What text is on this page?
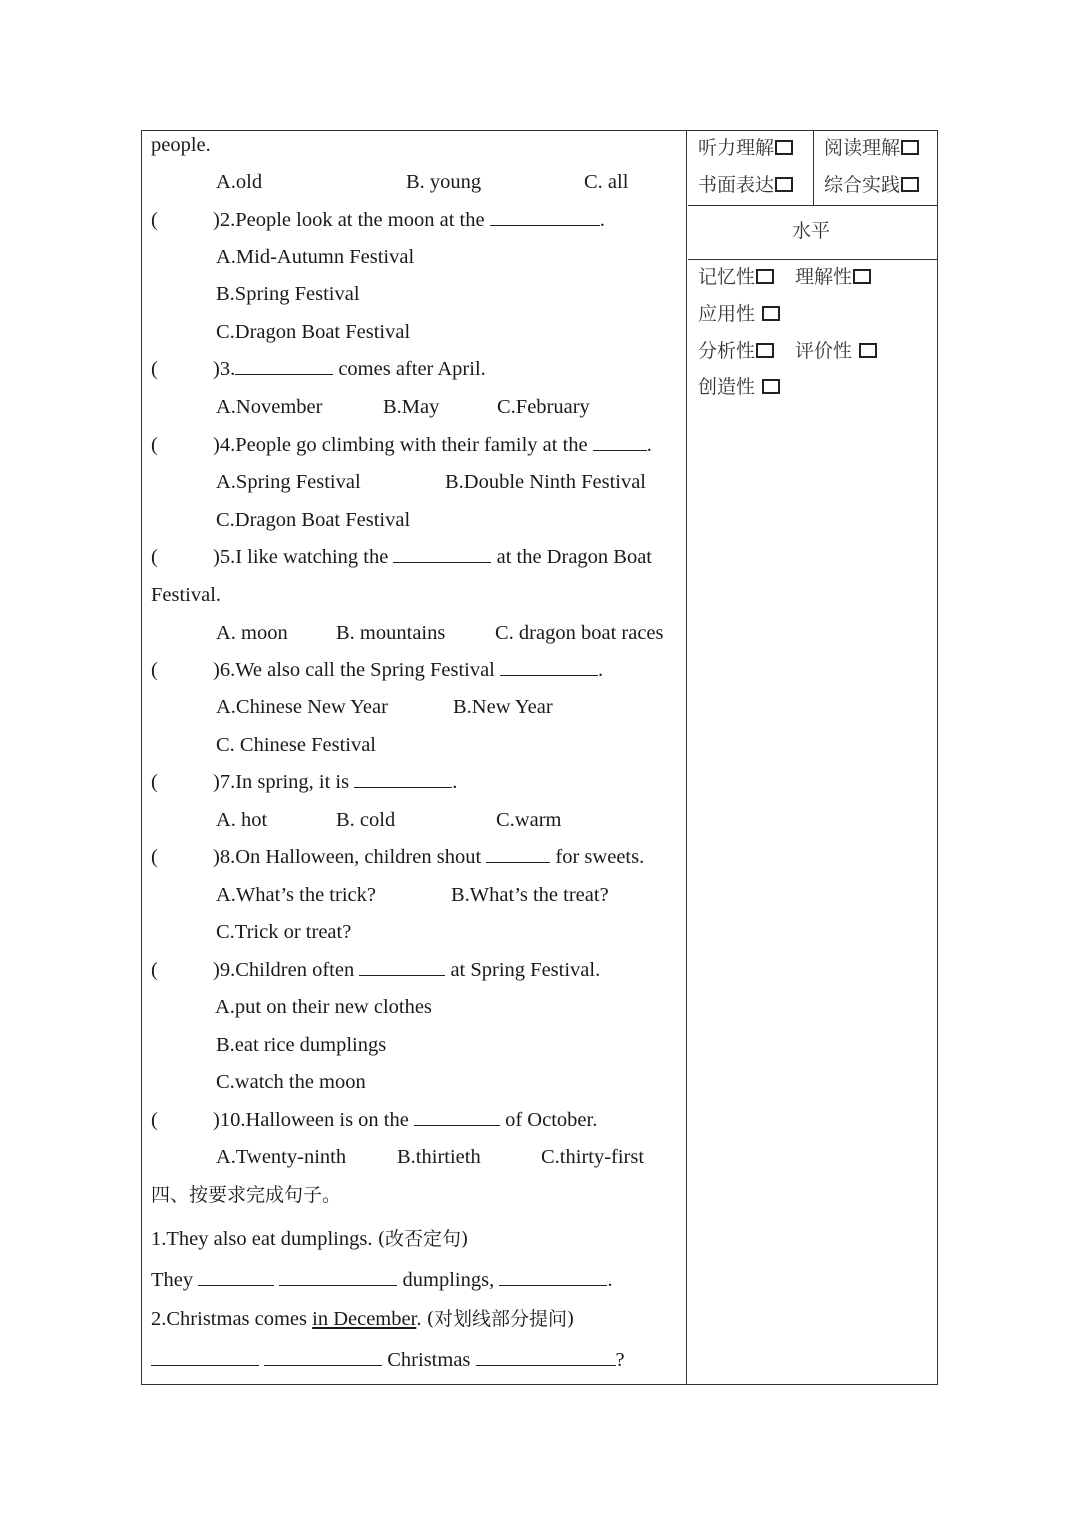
people.
A.old	B. young	C. all
(	)2.People look at the moon at the	.
A.Mid-Autumn Festival
B.Spring Festival
C.Dragon Boat Festival
(	)3.	comes after April.
A.November	B.May	C.February
(	)4.People go climbing with their family at the	.
A.Spring Festival	B.Double Ninth Festival
C.Dragon Boat Festival
(	)5.I like watching the	at the Dragon Boat
Festival.
A. moon B. mountains C. dragon boat races
(	)6.We also call the Spring Festival	.
A.Chinese New Year	B.New Year
C. Chinese Festival
(	)7.In spring, it is	.
A. hot	B. cold	C.warm
(	)8.On Halloween, children shout	for sweets.
A.What’s the trick?	B.What’s the treat?
C.Trick or treat?
(	)9.Children often	at Spring Festival.
A.put on their new clothes
B.eat rice dumplings
C.watch the moon
(	)10.Halloween is on the	of October.
A.Twenty-ninth B.thirtieth	C.thirty-first
四、按要求完成句子。
1.They also eat dumplings. (改否定句)
They	dumplings,	.
2.Christmas comes in December. (对划线部分提问)
Christmas	?
听力理解	阅读理解
书面表达	综合实践
水平
记忆性	理解性
应用性
分析性	评价性
创造性
